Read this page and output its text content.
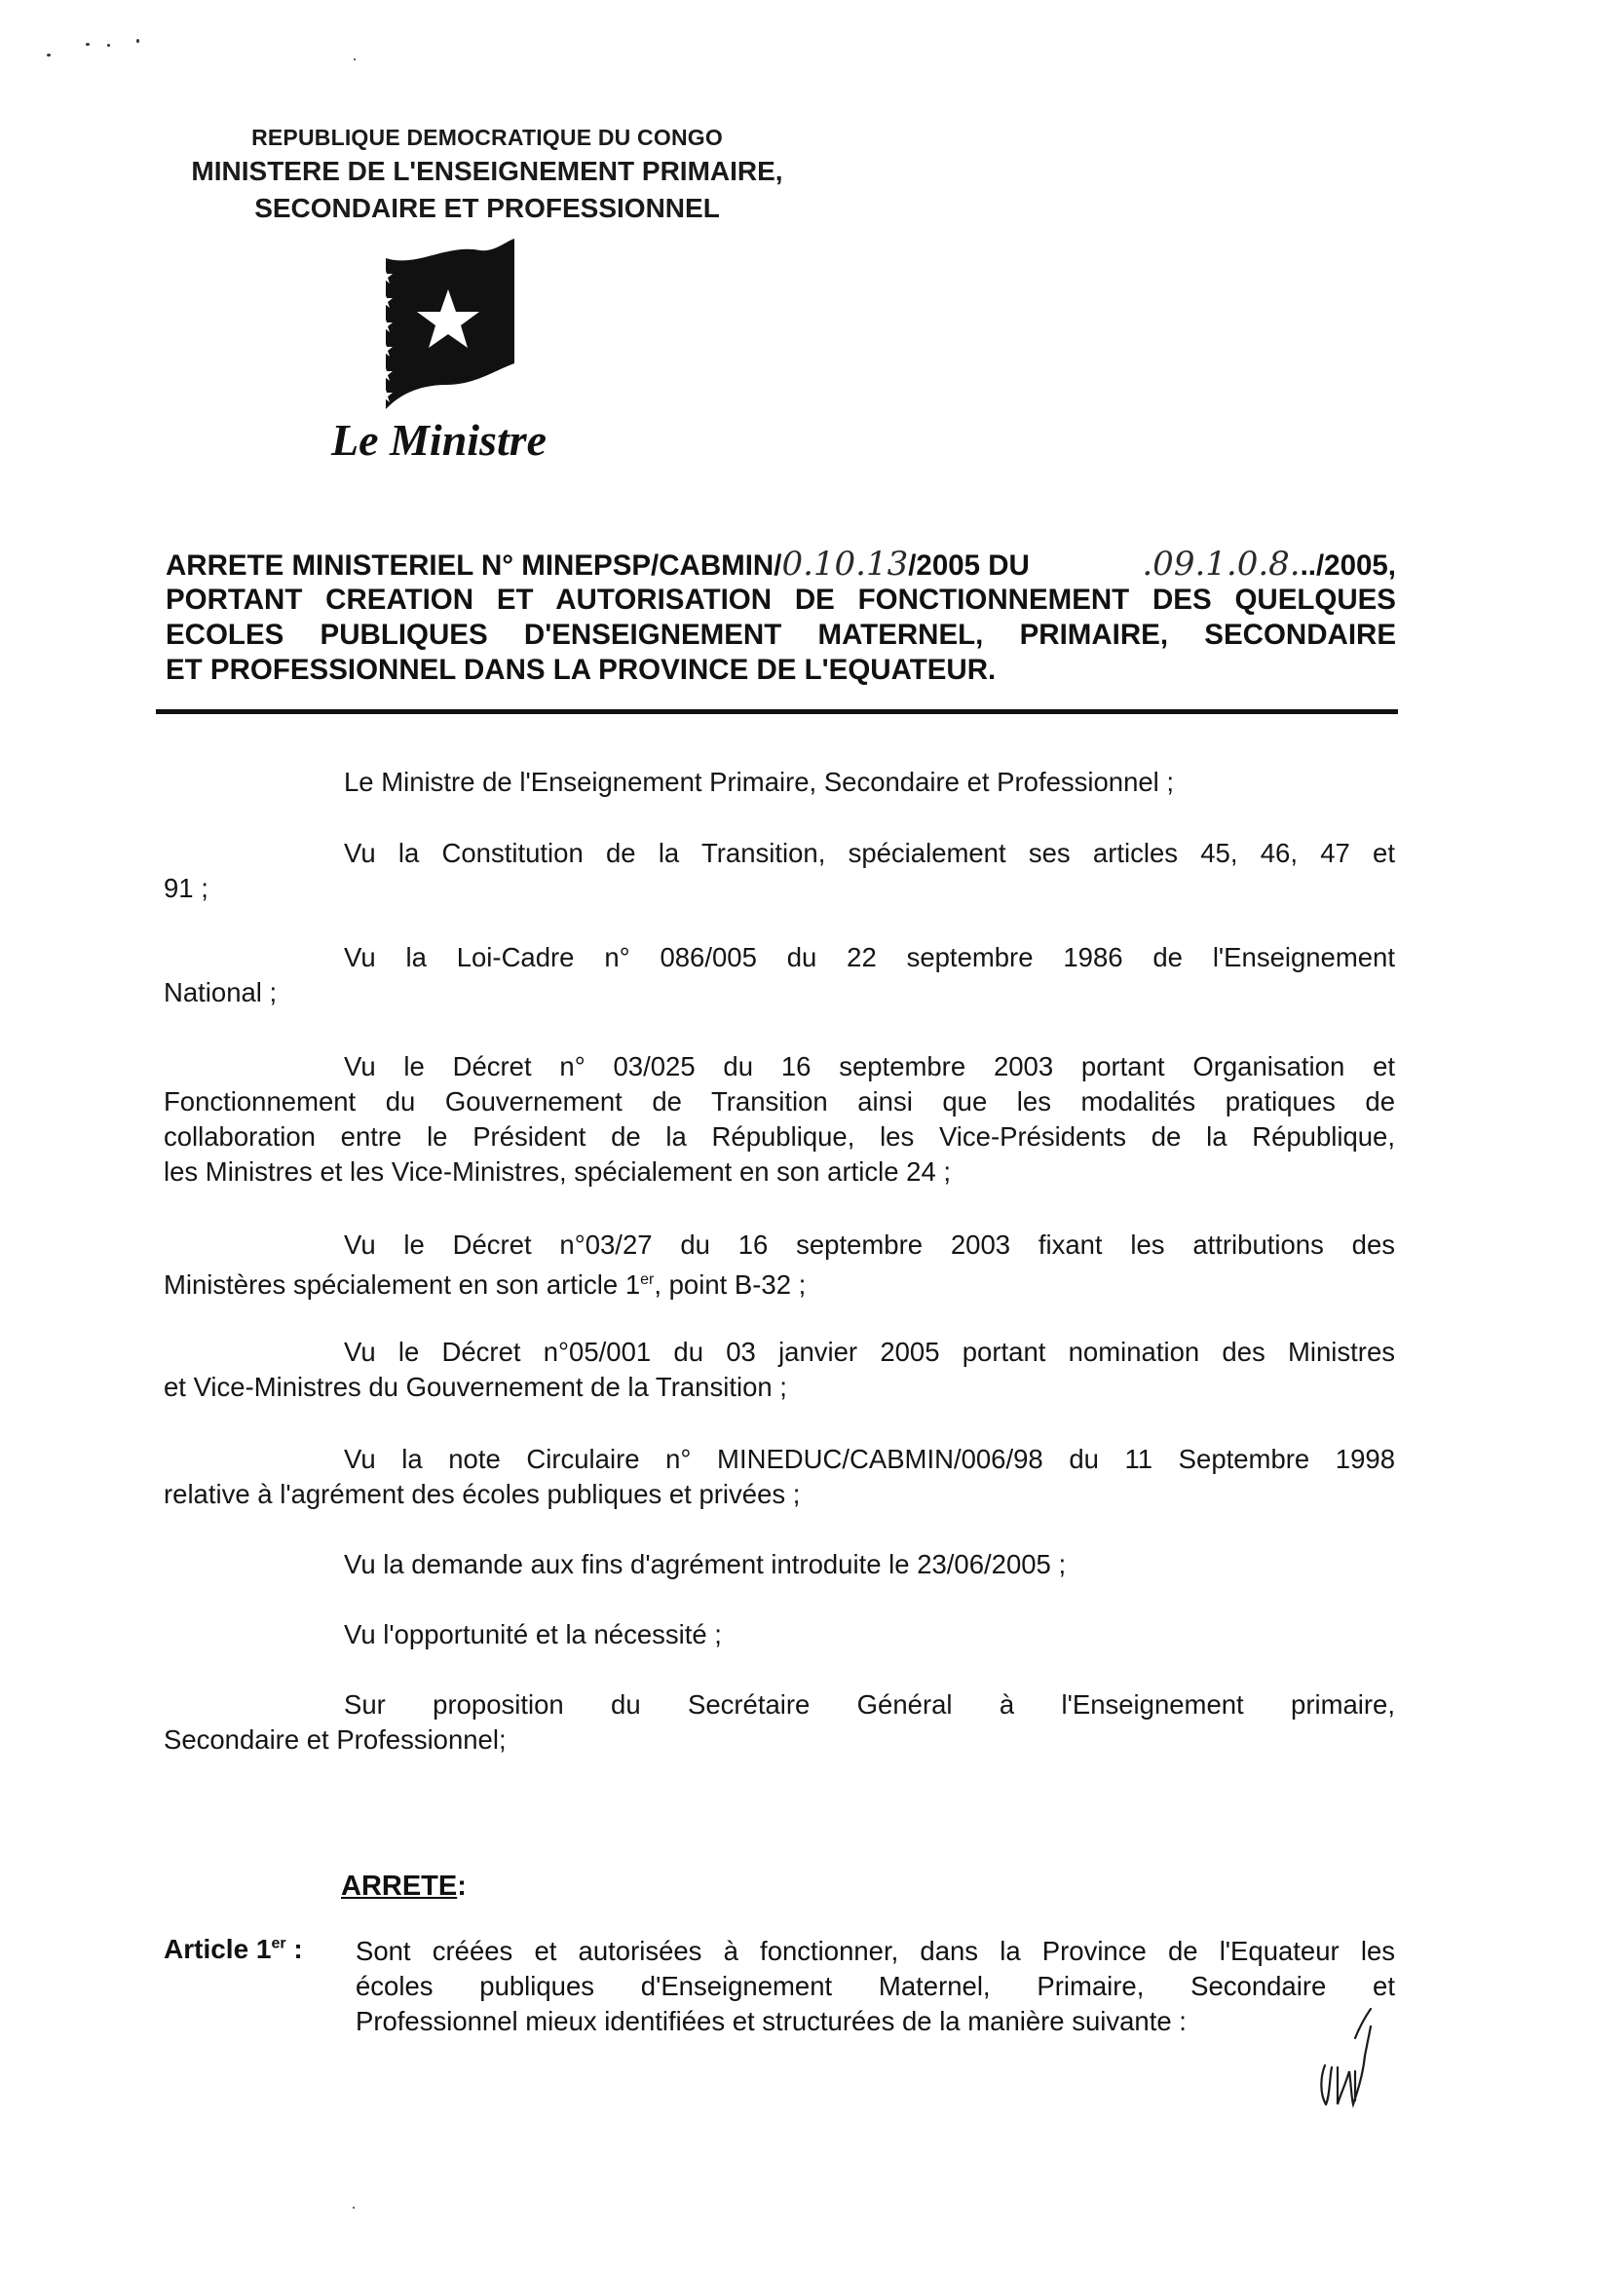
REPUBLIQUE DEMOCRATIQUE DU CONGO
MINISTERE DE L'ENSEIGNEMENT PRIMAIRE,
SECONDAIRE ET PROFESSIONNEL
Le Ministre
ARRETE MINISTERIEL N° MINEPSP/CABMIN/0.10.13/2005 DU	.09.1.0.8.../2005,
PORTANT CREATION ET AUTORISATION DE FONCTIONNEMENT DES QUELQUES
ECOLES PUBLIQUES D'ENSEIGNEMENT MATERNEL, PRIMAIRE, SECONDAIRE
ET PROFESSIONNEL DANS LA PROVINCE DE L'EQUATEUR.
Le Ministre de l'Enseignement Primaire, Secondaire et Professionnel ;
Vu la Constitution de la Transition, spécialement ses articles 45, 46, 47 et
91 ;
Vu la Loi-Cadre n° 086/005 du 22 septembre 1986 de l'Enseignement
National ;
Vu le Décret n° 03/025 du 16 septembre 2003 portant Organisation et
Fonctionnement du Gouvernement de Transition ainsi que les modalités pratiques de
collaboration entre le Président de la République, les Vice-Présidents de la République,
les Ministres et les Vice-Ministres, spécialement en son article 24 ;
Vu le Décret n°03/27 du 16 septembre 2003 fixant les attributions des
Ministères spécialement en son article 1er, point B-32 ;
Vu le Décret n°05/001 du 03 janvier 2005 portant nomination des Ministres
et Vice-Ministres du Gouvernement de la Transition ;
Vu la note Circulaire n° MINEDUC/CABMIN/006/98 du 11 Septembre 1998
relative à l'agrément des écoles publiques et privées ;
Vu la demande aux fins d'agrément introduite le 23/06/2005 ;
Vu l'opportunité et la nécessité ;
Sur proposition du Secrétaire Général à l'Enseignement primaire,
Secondaire et Professionnel;
ARRETE:
Article 1er : Sont créées et autorisées à fonctionner, dans la Province de l'Equateur les
écoles publiques d'Enseignement Maternel, Primaire, Secondaire et
Professionnel mieux identifiées et structurées de la manière suivante :
